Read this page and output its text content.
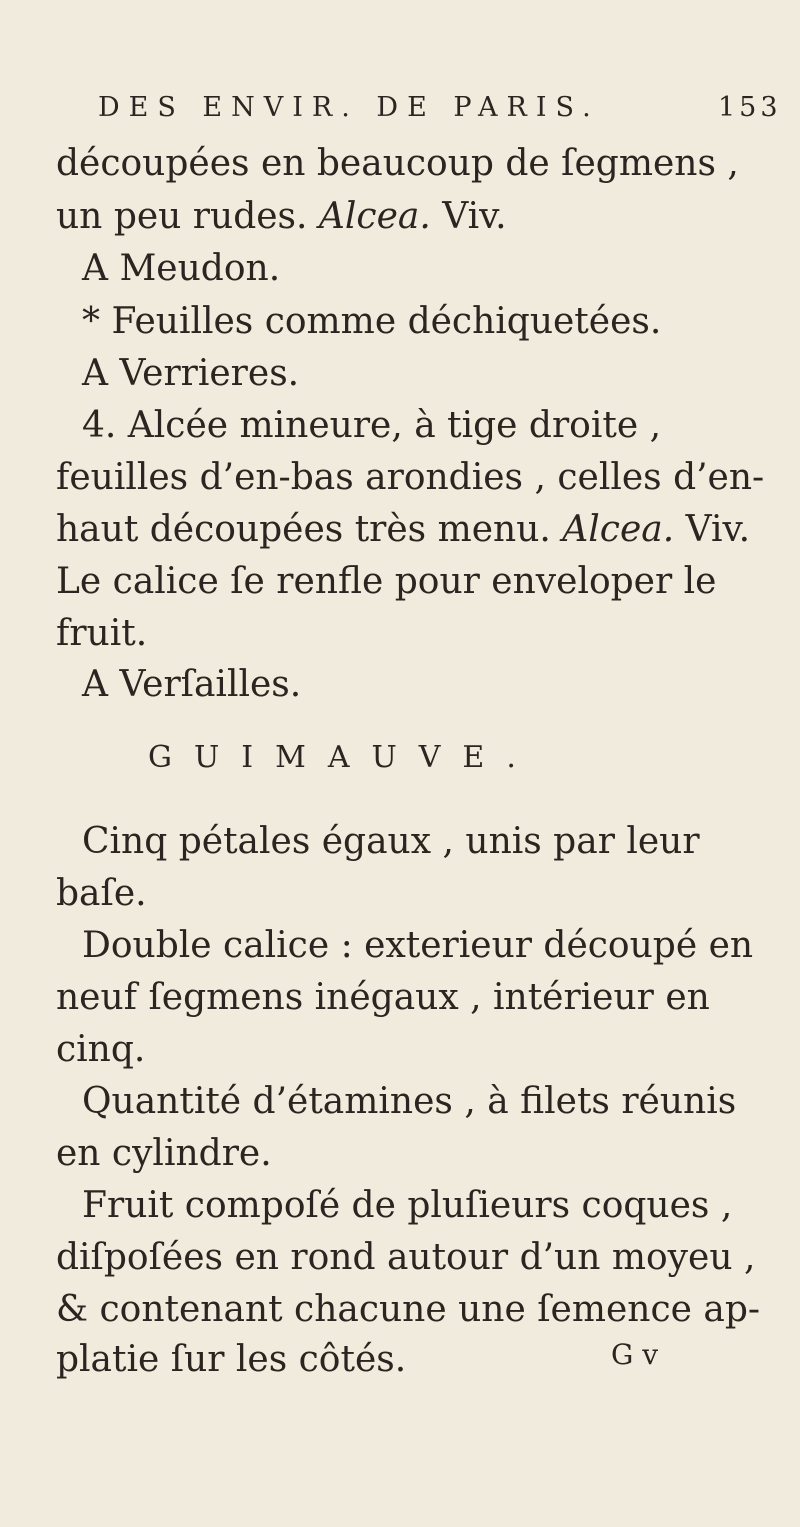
DES ENVIR. DE PARIS.	153
découpées en beaucoup de ſegmens ,
un peu rudes. Alcea. Viv.
A Meudon.
* Feuilles comme déchiquetées.
A Verrieres.
4. Alcée mineure, à tige droite ,
feuilles d’en-bas arondies , celles d’en-
haut découpées très menu. Alcea. Viv.
Le calice ſe renfle pour enveloper le
fruit.
A Verſailles.
GUIMAUVE.
Cinq pétales égaux , unis par leur
baſe.
Double calice : exterieur découpé en
neuf ſegmens inégaux , intérieur en
cinq.
Quantité d’étamines , à filets réunis
en cylindre.
Fruit compoſé de pluſieurs coques ,
diſpoſées en rond autour d’un moyeu ,
& contenant chacune une ſemence ap-
platie ſur les côtés.	G v
